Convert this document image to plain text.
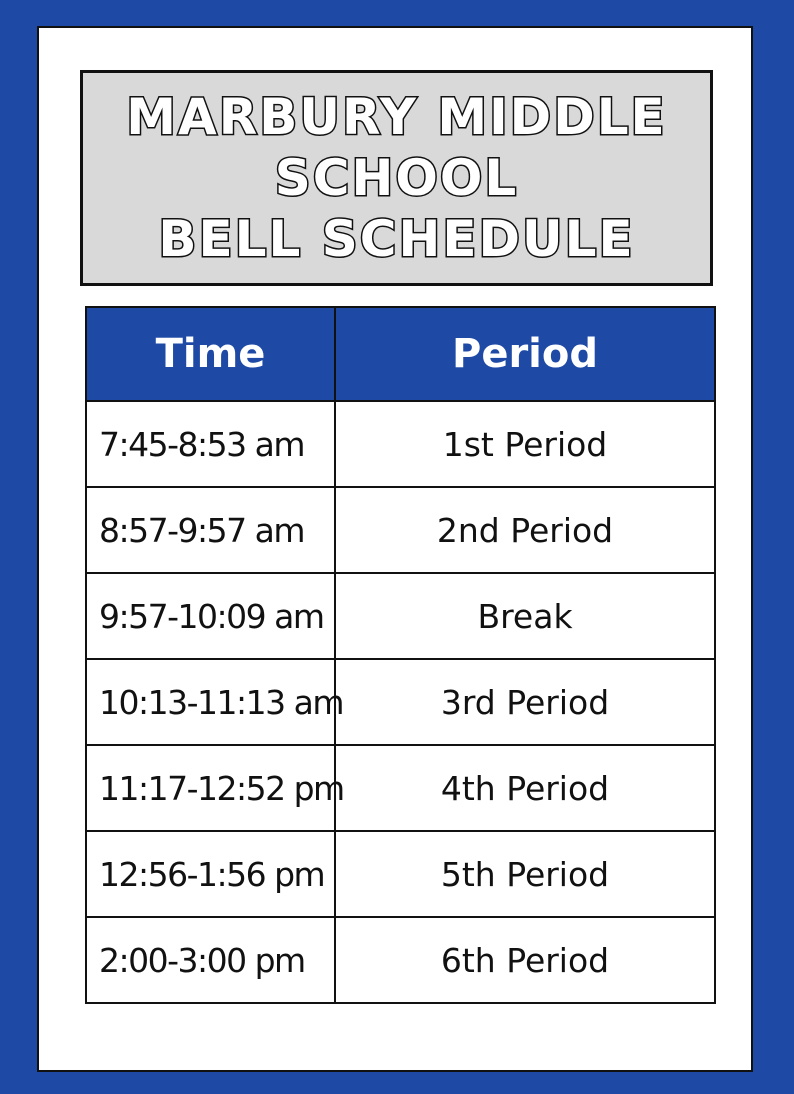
MARBURY MIDDLE
SCHOOL
BELL SCHEDULE
Time	Period
7:45-8:53 am	1st Period
8:57-9:57 am	2nd Period
9:57-10:09 am	Break
10:13-11:13 am	3rd Period
11:17-12:52 pm	4th Period
12:56-1:56 pm	5th Period
2:00-3:00 pm	6th Period
